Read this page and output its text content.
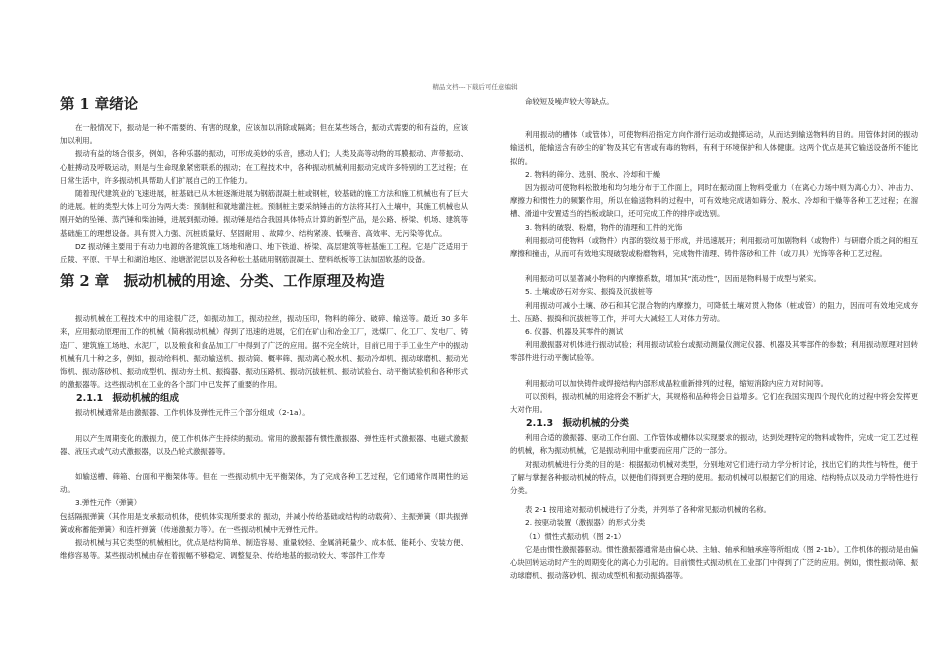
精品文档---下载后可任意编辑
第 1 章绪论

在一般情况下，振动是一种不需要的、有害的现象，应该加以消除或隔离；但在某些场合，振动式需要的和有益的，应该加以利用。

振动有益的场合很多，例如，各种乐器的振动，可形成美妙的乐音，感动人们；人类及高等动物的耳膜振动、声带振动、心脏搏动及呼吸运动，则是与生命现象紧密联系的振动；在工程技术中，各种振动机械利用振动完成许多特别的工艺过程；在日常生活中，许多振动机具帮助人们扩展自己的工作能力。

随着现代建筑业的飞速进展，桩基础已从木桩逐渐进展为钢筋混凝土桩或钢桩，较基础的施工方法和施工机械也有了巨大的进展。桩的类型大体上可分为两大类：预制桩和就地灌注桩。预制桩主要采纳锤击的方法将其打入土壤中，其施工机械也从刚开始的坠锤、蒸汽锤和柴油锤，进展到振动锤。振动锤是结合我国具体特点计算的新型产品，是公路、桥梁、机场、建筑等基础施工的理想设备。具有贯入力强、沉桩质量好、坚固耐用 、故障少、结构紧凑、低噪音、高效率、无污染等优点。

DZ 振动锤主要用于有动力电源的各建筑施工场地和港口、地下铁道、桥梁、高层建筑等桩基施工工程。它是广泛适用于丘陵、平原、干旱土和湖泊地区、池塘淤泥层以及各种松土基础用钢筋混凝土、塑料纸板等工法加固软基的设备。

第 2 章　振动机械的用途、分类、工作原理及构造

振动机械在工程技术中的用途很广泛，如振动加工，振动拉丝，振动压印，物料的筛分、破碎、输送等。最近 30 多年来，应用振动原理而工作的机械（简称振动机械）得到了迅速的进展，它们在矿山和冶金工厂，选煤厂、化工厂、发电厂、铸造厂、建筑施工场地、水泥厂，以及粮食和食品加工厂中得到了广泛的应用。据不完全统计，目前已用于手工业生产中的振动机械有几十种之多，例如，振动给料机、振动输送机、振动筒、概率筛、振动离心脱水机、振动冷却机、振动球磨机、振动光饰机、振动落砂机、振动成型机、振动夯土机、振捣器、振动压路机、振动沉拔桩机、振动试验台、动平衡试验机和各种形式的激振器等。这些振动机在工业的各个部门中已发挥了重要的作用。

2.1.1　振动机械的组成

振动机械通常是由激振器、工作机体及弹性元件三个部分组成（2-1a）。

用以产生周期变化的激振力，使工作机体产生持续的振动。常用的激振器有惯性激振器、弹性连杆式激振器、电磁式激振器、液压式或气动式激振器，以及凸轮式激振器等。

如输送槽、筛箱、台面和平衡架体等。但在 一些振动机中无平衡架体，为了完成各种工艺过程，它们通常作周期性的运动。

3.弹性元件（弹簧）

包括隔振弹簧（其作用是支承振动机体，使机体实现所要求的 振动，并减小传给基础或结构的动载荷）、主振弹簧（即共振弹簧或称蓄能弹簧）和连杆弹簧（传递激振力等）。在一些振动机械中无弹性元件。

振动机械与其它类型的机械相比，优点是结构简单、制造容易、重量较轻、金属消耗量少、成本低、能耗小、安装方便、维修容易等。某些振动机械由存在着振幅不够稳定、调整复杂、传给地基的振动较大、零部件工作寿

命较短及噪声较大等缺点。

利用振动的槽体（或管体），可使物料沿指定方向作滑行运动或抛掷运动，从而达到输送物料的目的。用管体封闭的振动输送机，能输送含有砂尘的矿物及其它有害或有毒的物料，有利于环境保护和人体健康。这两个优点是其它输送设备所不能比拟的。

2. 物料的筛分、选别、脱水、冷却和干燥

因为振动可使物料松散地和均匀地分布于工作面上，同时在振动面上物料受重力（在离心力场中则为离心力）、冲击力、摩擦力和惯性力的频繁作用，所以在输送物料的过程中，可有效地完成诸如筛分、脱水、冷却和干燥等各种工艺过程；在溜槽、滑道中安置适当的挡板或缺口，还可完成工件的排序或选别。

3. 物料的破裂、粉磨，物件的清理和工件的光饰

利用振动可使物料（或物件）内部的裂纹易于形成，并迅速展开；利用振动可加剧物料（或物件）与研磨介质之间的相互摩擦和撞击，从而可有效地实现破裂或粉磨物料，完成物件清理、铸件落砂和工件（或刀具）光饰等各种工艺过程。

利用振动可以显著减小物料的内摩擦系数，增加其“流动性”，因而是物料易于成型与紧实。

5. 土壤或砂石对夯实、振捣及沉拔桩等

利用振动可减小土壤、砂石和其它混合物的内摩擦力，可降低土壤对贯入物体（桩或管）的阻力，因而可有效地完成夯土、压路、振捣和沉拔桩等工作，并可大大减轻工人对体力劳动。

6. 仪器、机器及其零件的测试

利用激振器对机体进行振动试验；利用振动试验台或振动测量仪测定仪器、机器及其零部件的参数；利用振动原理对回转零部件进行动平衡试验等。

利用振动可以加快铸件或焊接结构内部形成晶粒重新排列的过程，缩短消除内应力对时间等。

可以预料，振动机械的用途将会不断扩大，其规格和品种将会日益增多。它们在我国实现四个现代化的过程中将会发挥更大对作用。

2.1.3　振动机械的分类

利用合适的激振器、驱动工作台面、工作管体或槽体以实现要求的振动，达到处理特定的物料或物件，完成一定工艺过程的机械，称为振动机械，它是振动利用中重要而应用广泛的一部分。

对振动机械进行分类的目的是：根据振动机械对类型，分别地对它们进行动力学分析讨论，找出它们的共性与特性，便于了解与掌握各种振动机械的特点，以便他们得到更合理的使用。振动机械可以根据它们的用途、结构特点以及动力学特性进行分类。

表 2-1 按用途对振动机械进行了分类，并列举了各种常见振动机械的名称。

2. 按驱动装置（激振器）的形式分类

（1）惯性式振动机（图 2-1）

它是由惯性激振器驱动。惯性激振器通常是由偏心块、主轴、轴承和轴承座等所组成（图 2-1b）。工作机体的振动是由偏心块回转运动时产生的周期变化的离心力引起的。目前惯性式振动机在工业部门中得到了广泛的应用。例如，惯性振动筛、振动球磨机、振动落砂机、振动成型机和振动振捣器等。
